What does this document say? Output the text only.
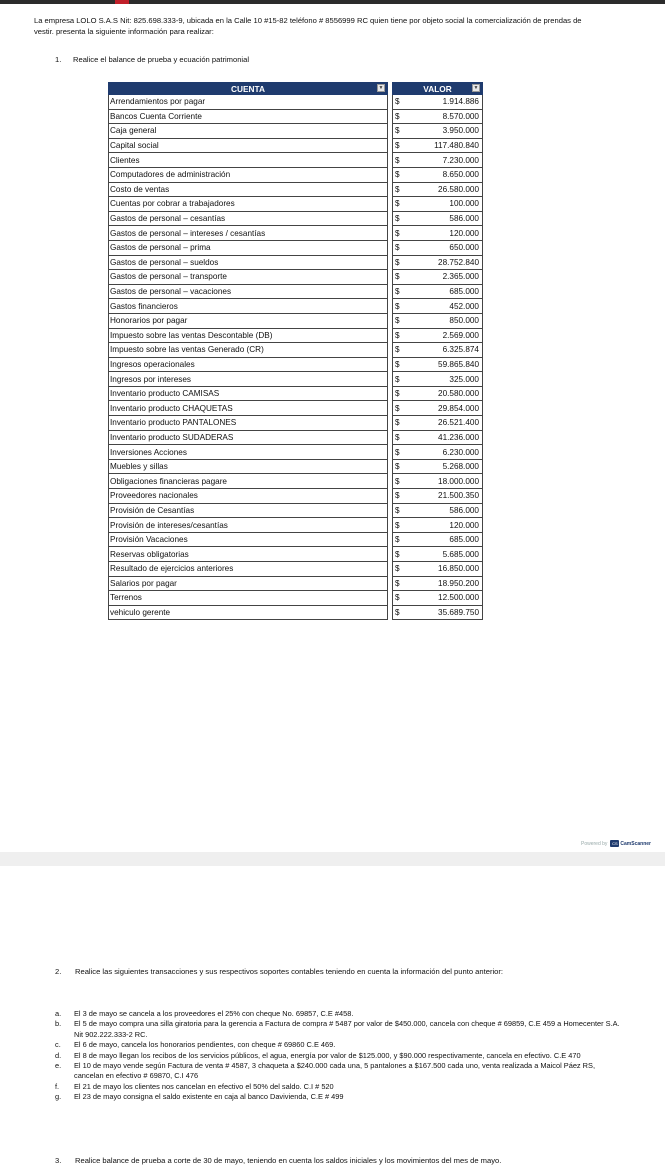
La empresa LOLO S.A.S Nit: 825.698.333-9, ubicada en la Calle 10 #15-82 teléfono # 8556999 RC quien tiene por objeto social la comercialización de prendas de vestir. presenta la siguiente información para realizar:
1. Realice el balance de prueba y ecuación patrimonial
CUENTA ▼		VALOR ▼	

Arrendamientos por pagar		$	1.914.886
Bancos Cuenta Corriente		$	8.570.000
Caja general		$	3.950.000
Capital social		$	117.480.840
Clientes		$	7.230.000
Computadores de administración		$	8.650.000
Costo de ventas		$	26.580.000
Cuentas por cobrar a trabajadores		$	100.000
Gastos de personal – cesantías		$	586.000
Gastos de personal – intereses / cesantías		$	120.000
Gastos de personal – prima		$	650.000
Gastos de personal – sueldos		$	28.752.840
Gastos de personal – transporte		$	2.365.000
Gastos de personal – vacaciones		$	685.000
Gastos financieros		$	452.000
Honorarios por pagar		$	850.000
Impuesto sobre las ventas Descontable (DB)		$	2.569.000
Impuesto sobre las ventas Generado (CR)		$	6.325.874
Ingresos operacionales		$	59.865.840
Ingresos por intereses		$	325.000
Inventario producto CAMISAS		$	20.580.000
Inventario producto CHAQUETAS		$	29.854.000
Inventario producto PANTALONES		$	26.521.400
Inventario producto SUDADERAS		$	41.236.000
Inversiones Acciones		$	6.230.000
Muebles y sillas		$	5.268.000
Obligaciones financieras pagare		$	18.000.000
Proveedores nacionales		$	21.500.350
Provisión de Cesantías		$	586.000
Provisión de intereses/cesantías		$	120.000
Provisión Vacaciones		$	685.000
Reservas obligatorias		$	5.685.000
Resultado de ejercicios anteriores		$	16.850.000
Salarios por pagar		$	18.950.200
Terrenos		$	12.500.000
vehiculo gerente		$	35.689.750
Powered by CS CamScanner
2. Realice las siguientes transacciones y sus respectivos soportes contables teniendo en cuenta la información del punto anterior:
a. El 3 de mayo se cancela a los proveedores el 25% con cheque No. 69857, C.E #458.
b. El 5 de mayo compra una silla giratoria para la gerencia a Factura de compra # 5487 por valor de $450.000, cancela con cheque # 69859, C.E 459 a Homecenter S.A. Nit 902.222.333-2 RC.
c. El 6 de mayo, cancela los honorarios pendientes, con cheque # 69860 C.E 469.
d. El 8 de mayo llegan los recibos de los servicios públicos, el agua, energía por valor de $125.000, y $90.000 respectivamente, cancela en efectivo. C.E 470
e. El 10 de mayo vende según Factura de venta # 4587, 3 chaqueta a $240.000 cada una, 5 pantalones a $167.500 cada uno, venta realizada a Maicol Páez RS, cancelan en efectivo # 69870, C.I 476
f. El 21 de mayo los clientes nos cancelan en efectivo el 50% del saldo. C.I # 520
g. El 23 de mayo consigna el saldo existente en caja al banco Davivienda, C.E # 499
3. Realice balance de prueba a corte de 30 de mayo, teniendo en cuenta los saldos iniciales y los movimientos del mes de mayo.
